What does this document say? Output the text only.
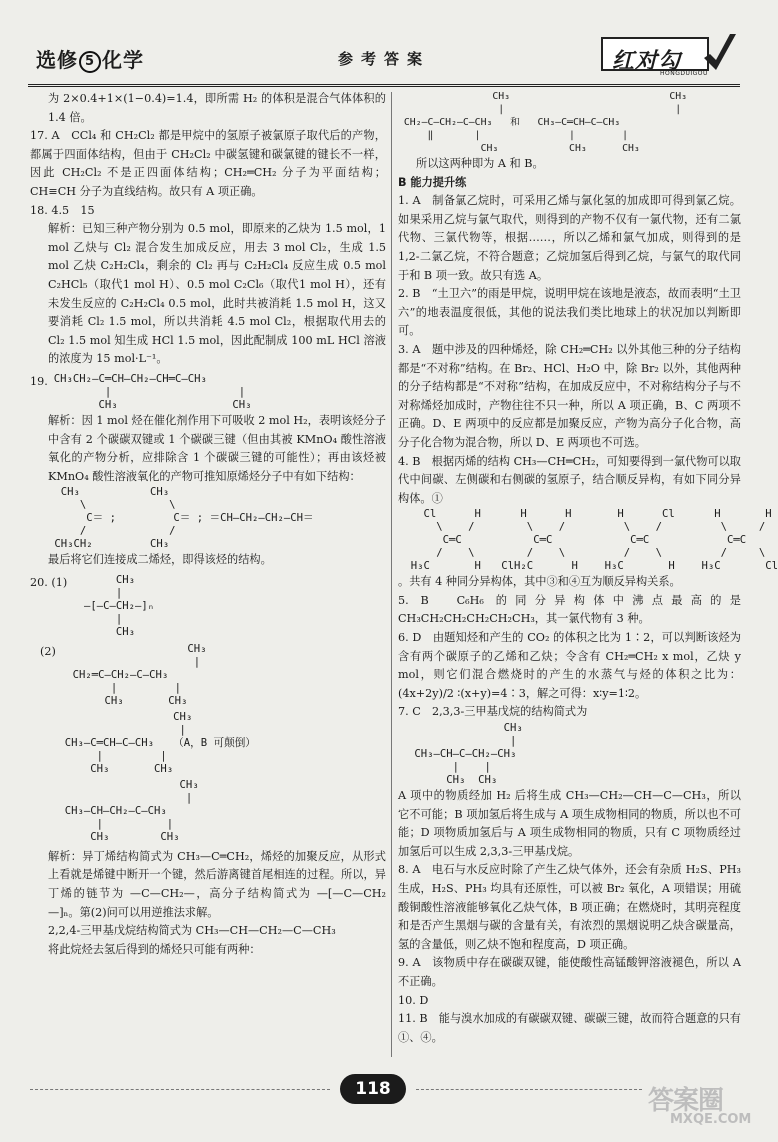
选修 5 化学	参考答案	红对勾
HONGDUIGOU

为 2×0.4+1×(1−0.4)=1.4，即所需 H₂ 的体积是混合气体体积的 1.4 倍。

17. A　CCl₄ 和 CH₂Cl₂ 都是甲烷中的氢原子被氯原子取代后的产物，都属于四面体结构，但由于 CH₂Cl₂ 中碳氢键和碳氯键的键长不一样，因此 CH₂Cl₂ 不是正四面体结构；CH₂═CH₂ 分子为平面结构；CH≡CH 分子为直线结构。故只有 A 项正确。

18. 4.5　15

解析：已知三种产物分别为 0.5 mol，即原来的乙炔为 1.5 mol，1 mol 乙炔与 Cl₂ 混合发生加成反应，用去 3 mol Cl₂，生成 1.5 mol 乙炔 C₂H₂Cl₄，剩余的 Cl₂ 再与 C₂H₂Cl₄ 反应生成 0.5 mol C₂HCl₅（取代1 mol H）、0.5 mol C₂Cl₆（取代1 mol H），还有未发生反应的 C₂H₂Cl₄ 0.5 mol，此时共被消耗 1.5 mol H，这又要消耗 Cl₂ 1.5 mol，所以共消耗 4.5 mol Cl₂，根据取代用去的 Cl₂ 1.5 mol 知生成 HCl 1.5 mol，因此配制成 100 mL HCl 溶液的浓度为 15 mol·L⁻¹。

19. CH₃CH₂—C═CH—CH₂—CH═C—CH₃
|                    |
CH₃                  CH₃

解析：因 1 mol 烃在催化剂作用下可吸收 2 mol H₂，表明该烃分子中含有 2 个碳碳双键或 1 个碳碳三键（但由其被 KMnO₄ 酸性溶液氧化的产物分析，应排除含 1 个碳碳三键的可能性）；再由该烃被 KMnO₄ 酸性溶液氧化的产物可推知原烯烃分子中有如下结构：

CH₃           CH₃
\             \
C＝ ;         C＝ ; ＝CH—CH₂—CH₂—CH＝
/             /
CH₃CH₂         CH₃

最后将它们连接成二烯烃，即得该烃的结构。

20. (1)	CH₃
|
—[—C—CH₂—]ₙ
|
CH₃
(2)	CH₃
|
CH₂═C—CH₂—C—CH₃
|         |
CH₃       CH₃
CH₃
|
CH₃—C═CH—C—CH₃   （A，B 可颠倒）
|         |
CH₃       CH₃
CH₃
|
CH₃—CH—CH₂—C—CH₃
|          |
CH₃        CH₃

解析：异丁烯结构简式为 CH₃—C═CH₂，烯烃的加聚反应，从形式上看就是烯键中断开一个键，然后游离键首尾相连的过程。所以，异丁烯的链节为 —C—CH₂—，高分子结构简式为 —[—C—CH₂—]ₙ。第(2)问可以用逆推法求解。

2,2,4-三甲基戊烷结构简式为 CH₃—CH—CH₂—C—CH₃

将此烷烃去氢后得到的烯烃只可能有两种：

CH₃                           CH₃
|                             |
CH₂—C—CH₂—C—CH₃   和   CH₃—C═CH—C—CH₃
‖       |               |        |
CH₃            CH₃      CH₃

所以这两种即为 A 和 B。

B 能力提升练

1. A　制备氯乙烷时，可采用乙烯与氯化氢的加成即可得到氯乙烷。如果采用乙烷与氯气取代，则得到的产物不仅有一氯代物，还有二氯代物、三氯代物等，根据……，所以乙烯和氯气加成，则得到的是 1,2-二氯乙烷，不符合题意；乙烷加氢后得到乙烷，与氯气的取代同于和 B 项一致。故只有选 A。

2. B　“土卫六”的雨是甲烷，说明甲烷在该地是液态，故而表明“土卫六”的地表温度很低，其他的说法我们类比地球上的状况加以判断即可。

3. A　题中涉及的四种烯烃，除 CH₂═CH₂ 以外其他三种的分子结构都是“不对称”结构。在 Br₂、HCl、H₂O 中，除 Br₂ 以外，其他两种的分子结构都是“不对称”结构，在加成反应中，不对称结构分子与不对称烯烃加成时，产物往往不只一种，所以 A 项正确，B、C 两项不正确。D、E 两项中的反应都是加聚反应，产物为高分子化合物，高分子化合物为混合物，所以 D、E 两项也不可选。

4. B　根据丙烯的结构 CH₃—CH═CH₂，可知要得到一氯代物可以取代中间碳、左侧碳和右侧碳的氢原子，结合顺反异构，有如下同分异构体。①

Cl      H
\    /
C═C
/    \
H₃C       H
H      H
\    /
C═C
/    \
ClH₂C      H
H      Cl
\    /
C═C
/    \
H₃C       H
H       H
\     /
C═C
/     \
H₃C       Cl

。共有 4 种同分异构体，其中③和④互为顺反异构关系。

5. B　C₆H₆ 的同分异构体中沸点最高的是 CH₃CH₂CH₂CH₂CH₂CH₃，其一氯代物有 3 种。

6. D　由题知烃和产生的 CO₂ 的体积之比为 1∶2，可以判断该烃为含有两个碳原子的乙烯和乙炔；令含有 CH₂═CH₂ x mol，乙炔 y mol，则它们混合燃烧时的产生的水蒸气与烃的体积之比为：(4x+2y)/2 ∶(x+y)=4∶3，解之可得：x∶y=1∶2。

7. C　2,3,3-三甲基戊烷的结构简式为

CH₃
|
CH₃—CH—C—CH₂—CH₃
|    |
CH₃  CH₃

A 项中的物质经加 H₂ 后将生成 CH₃—CH₂—CH—C—CH₃，所以它不可能；B 项加氢后将生成与 A 项生成物相同的物质，所以也不可能；D 项物质加氢后与 A 项生成物相同的物质，只有 C 项物质经过加氢后可以生成 2,3,3-三甲基戊烷。

8. A　电石与水反应时除了产生乙炔气体外，还会有杂质 H₂S、PH₃ 生成，H₂S、PH₃ 均具有还原性，可以被 Br₂ 氧化，A 项错误；用硫酸铜酸性溶液能够氧化乙炔气体，B 项正确；在燃烧时，其明亮程度和是否产生黑烟与碳的含量有关，有浓烈的黑烟说明乙炔含碳量高，氢的含量低，则乙炔不饱和程度高，D 项正确。

9. A　该物质中存在碳碳双键，能使酸性高锰酸钾溶液褪色，所以 A 不正确。

10. D

11. B　能与溴水加成的有碳碳双键、碳碳三键，故而符合题意的只有①、④。

118	答案圈
MXQE.COM
